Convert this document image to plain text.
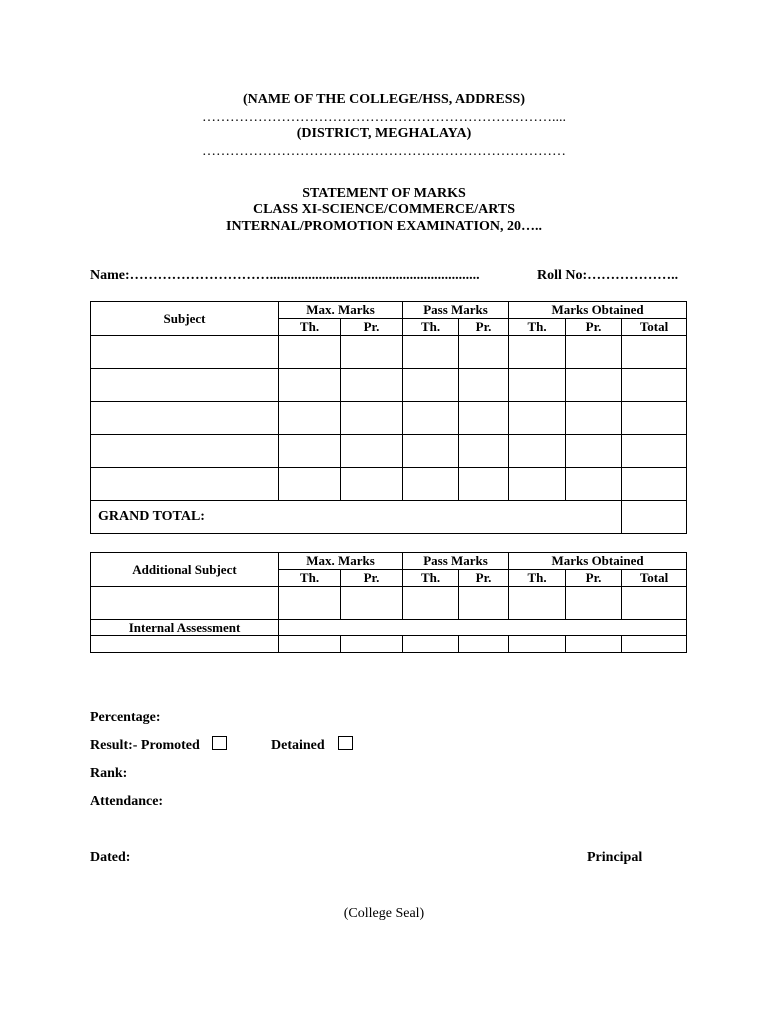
(NAME OF THE COLLEGE/HSS, ADDRESS)
…………………………………………………………………....
(DISTRICT, MEGHALAYA)
……………………………………………………………………
STATEMENT OF MARKS
CLASS XI-SCIENCE/COMMERCE/ARTS
INTERNAL/PROMOTION EXAMINATION, 20…..
Name:…………………………............................................................	Roll No:………………..
Subject	Max. Marks		Pass Marks		Marks Obtained		
	Th.	Pr.	Th.	Pr.	Th.	Pr.	Total

GRAND TOTAL:							
Additional Subject	Max. Marks		Pass Marks		Marks Obtained		
	Th.	Pr.	Th.	Pr.	Th.	Pr.	Total

Internal Assessment							

Percentage:
Result:- Promoted	Detained
Rank:
Attendance:
Dated:	Principal
(College Seal)
